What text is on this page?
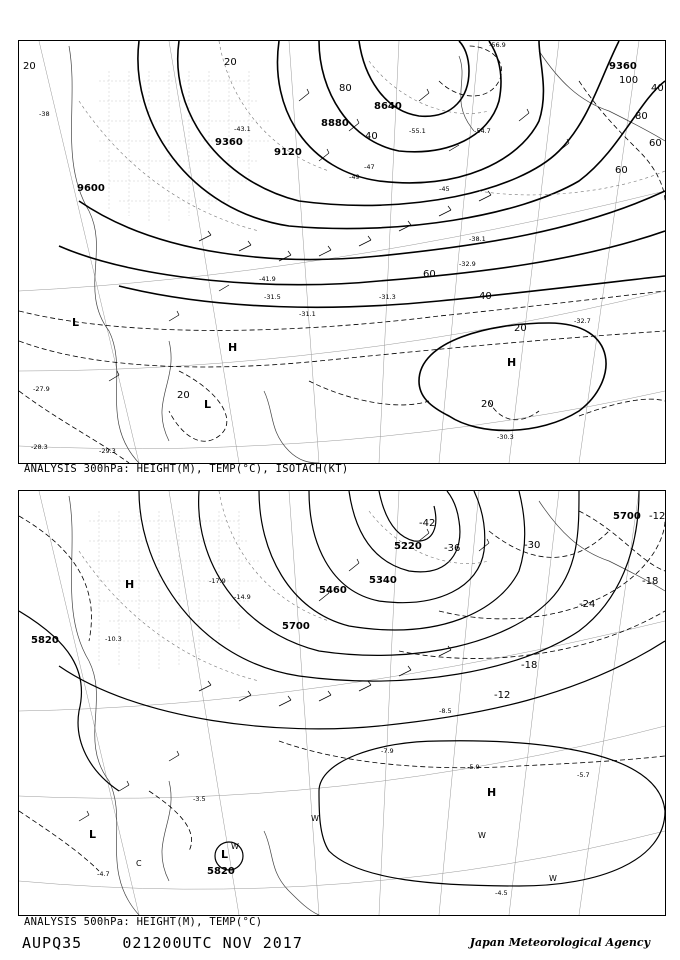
9600
9120
8880
8640
9360
9360
20	20
20
20
20
40
40
60
80	40
60
60
80
100
-38
-47
-49
-45
-38.1
-32.9
-31.5
-31.1
-31.3
-32.7
-30.3
-28.3
-27.9
-29.3
-56.9
-54.7
-55.1
-43.1
-41.9
H
H
L
L
ANALYSIS 300hPa: HEIGHT(M), TEMP(°C), ISOTACH(KT)
5700
5820
5460
5340
5220
5700
5820
-12
-18
-24
-30
-42
-36
-18
-12
-5.9
-5.7
-4.5
-7.9
-3.5
-4.7
-17.9
-14.9
-10.3
-8.5
H
H
L
L
W
W
W
W
C
ANALYSIS 500hPa: HEIGHT(M), TEMP(°C)
AUPQ35	021200UTC NOV 2017	Japan Meteorological Agency
